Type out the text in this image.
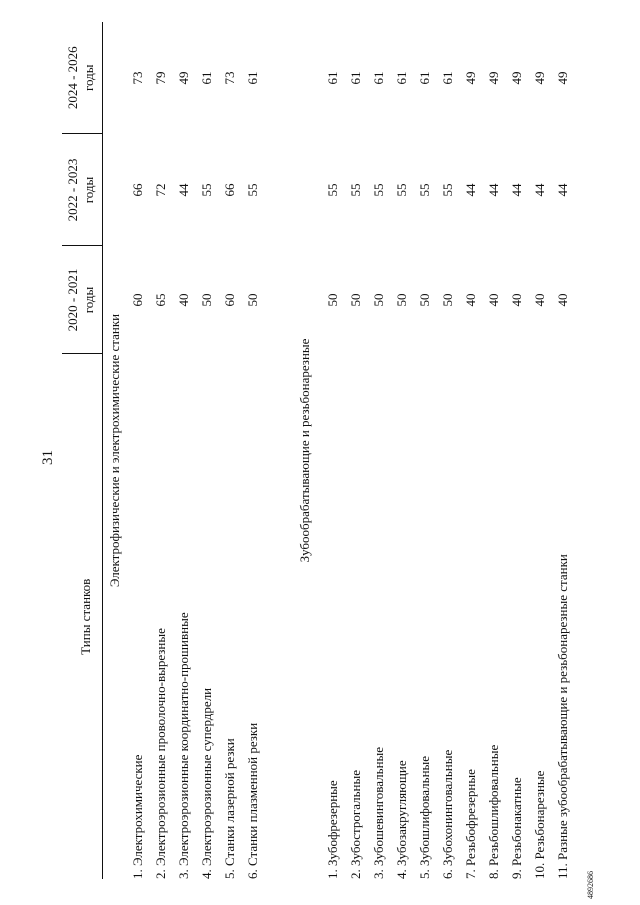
31
Типы станков	2020 - 2021 годы	2022 - 2023 годы	2024 - 2026 годы

Электрофизические и электрохимические станки			
1. Электрохимические	60	66	73
2. Электроэрозионные проволочно-вырезные	65	72	79
3. Электроэрозионные координатно-прошивные	40	44	49
4. Электроэрозионные супердрели	50	55	61
5. Станки лазерной резки	60	66	73
6. Станки плазменной резки	50	55	61

Зубообрабатывающие и резьбонарезные			
1. Зубофрезерные	50	55	61
2. Зубострогальные	50	55	61
3. Зубошевинговальные	50	55	61
4. Зубозакругляющие	50	55	61
5. Зубошлифовальные	50	55	61
6. Зубохонинговальные	50	55	61
7. Резьбофрезерные	40	44	49
8. Резьбошлифовальные	40	44	49
9. Резьбонакатные	40	44	49
10. Резьбонарезные	40	44	49
11. Разные зубообрабатывающие и резьбонарезные станки	40	44	49
4892686
